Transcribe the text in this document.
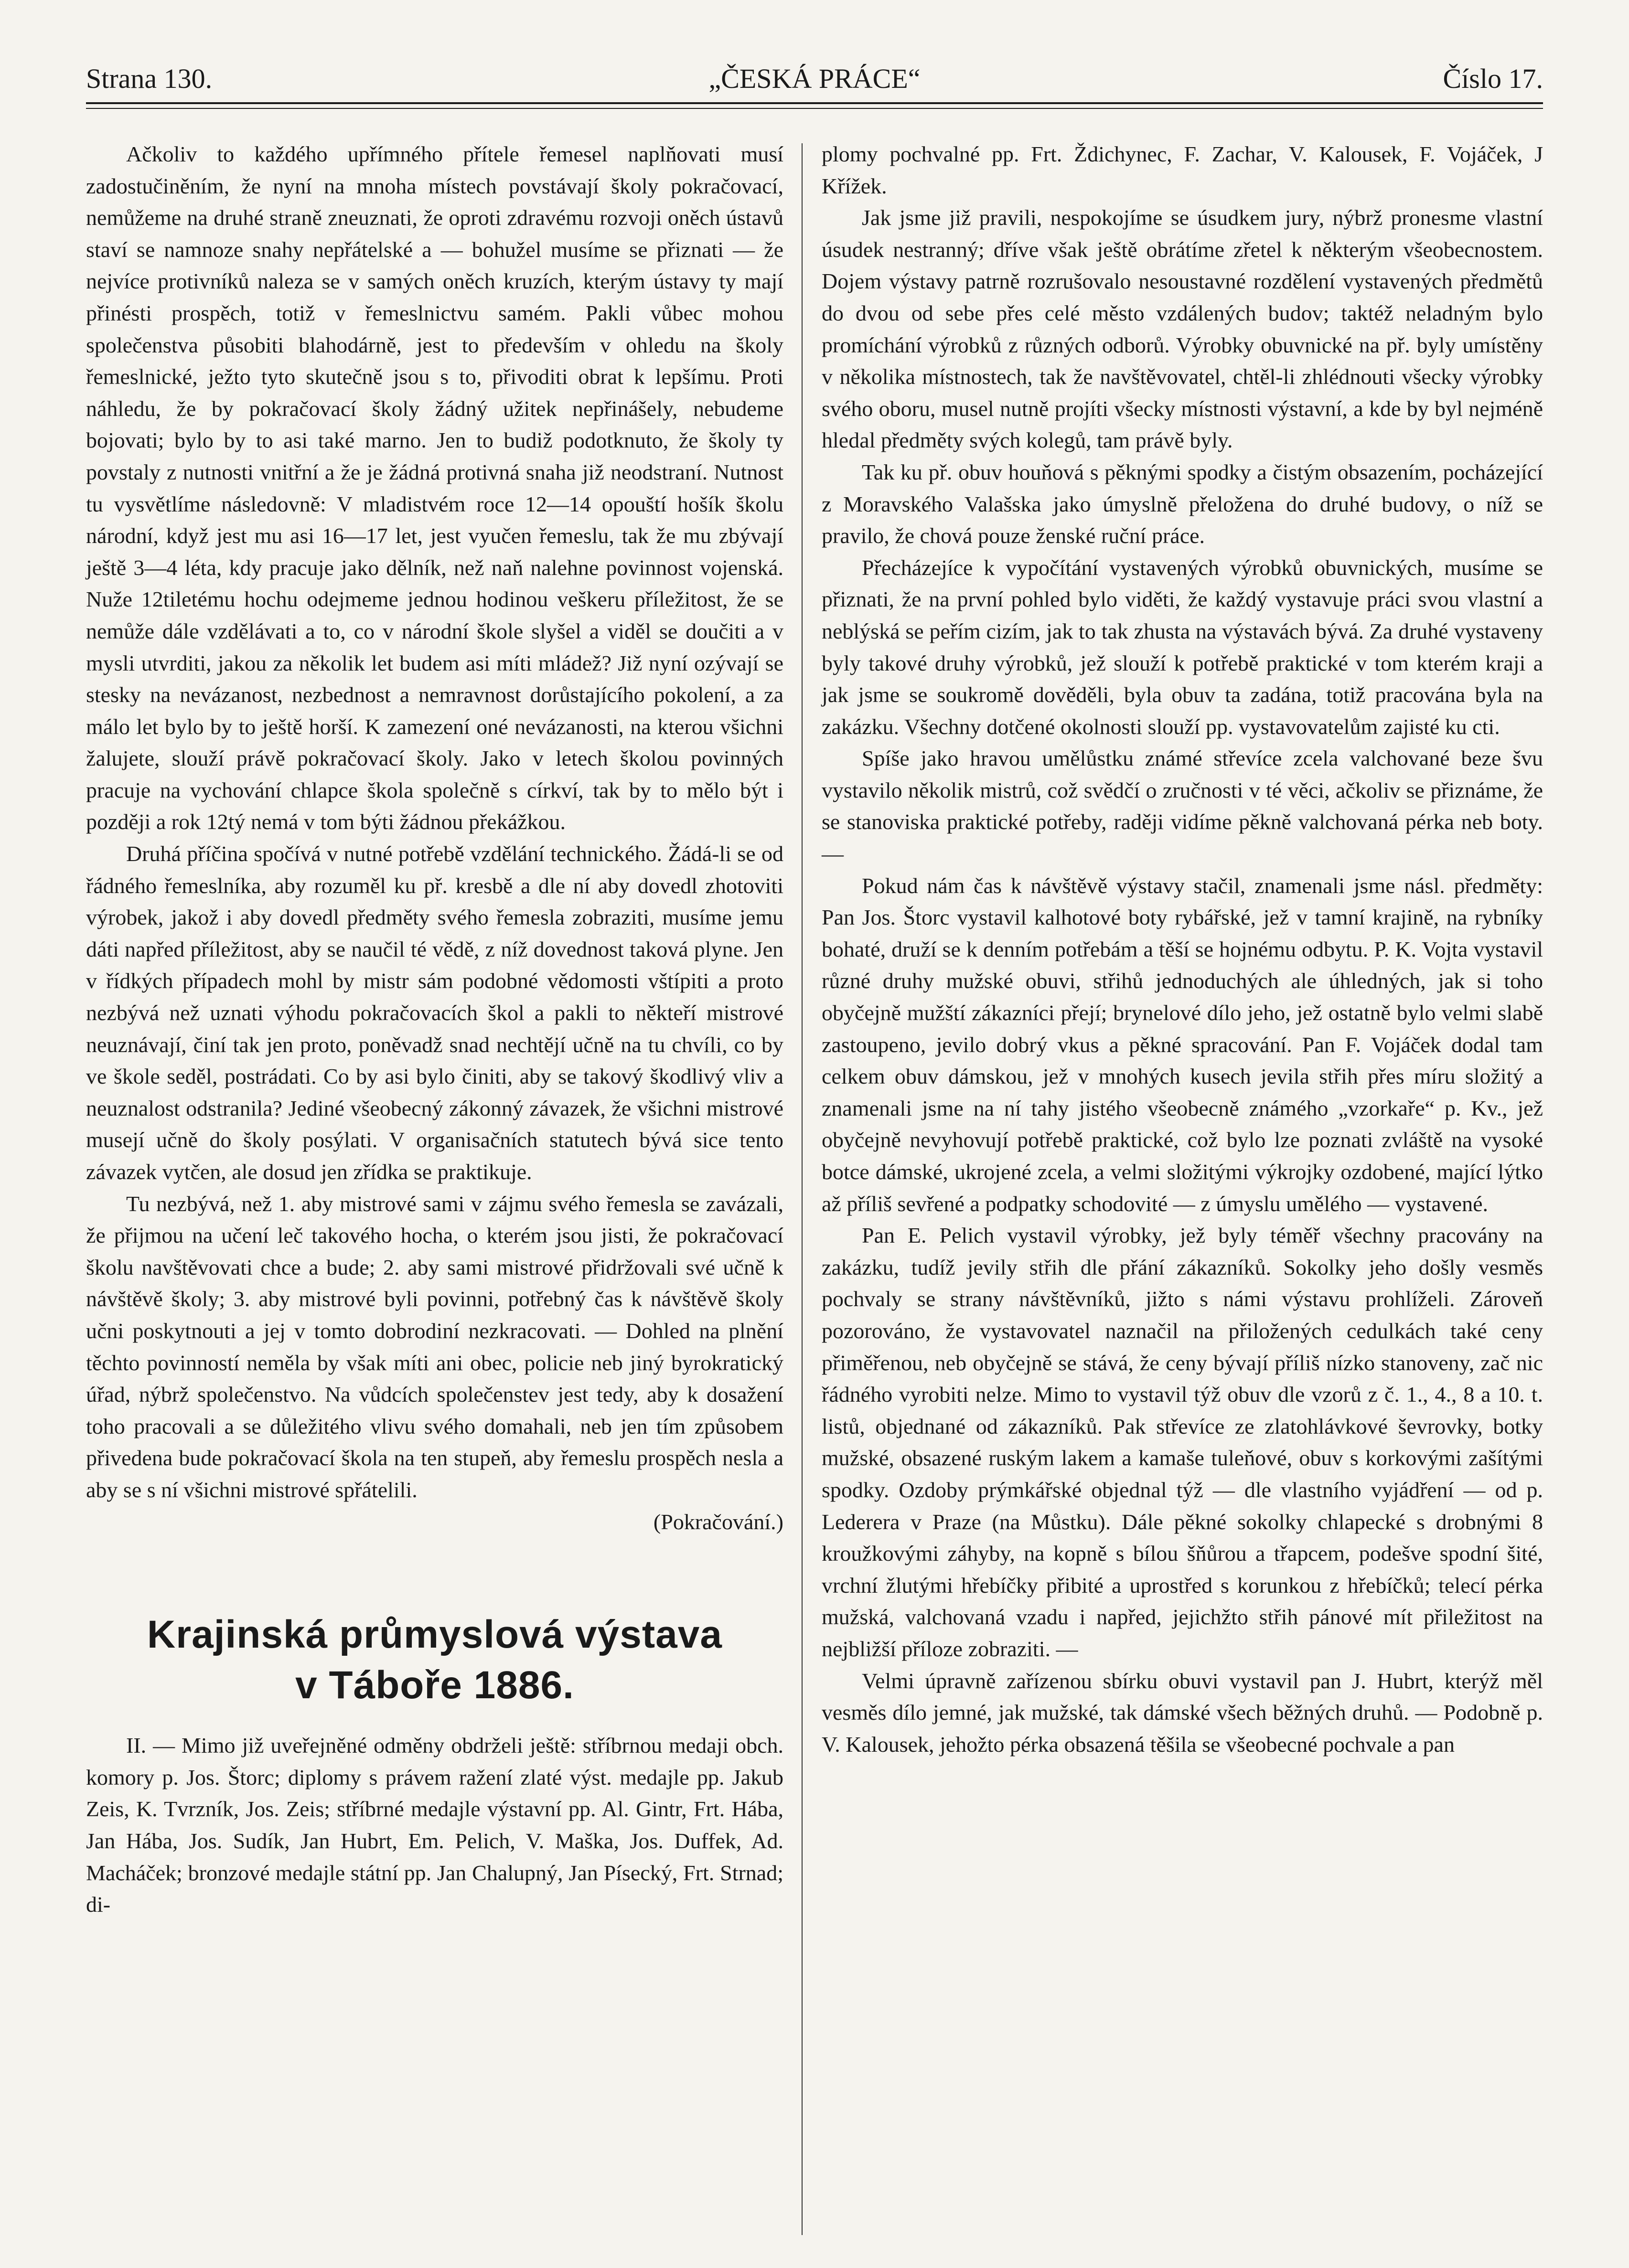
Strana 130.	„ČESKÁ PRÁCE“	Číslo 17.

Ačkoliv to každého upřímného přítele řemesel naplňovati musí zadostučiněním, že nyní na mnoha místech povstávají školy pokračovací, nemůžeme na druhé straně zneuznati, že oproti zdravému rozvoji oněch ústavů staví se namnoze snahy nepřátelské a — bohužel musíme se přiznati — že nejvíce protivníků naleza se v samých oněch kruzích, kterým ústavy ty mají přinésti prospěch, totiž v řemeslnictvu samém. Pakli vůbec mohou společenstva působiti blahodárně, jest to především v ohledu na školy řemeslnické, ježto tyto skutečně jsou s to, přivoditi obrat k lepšímu. Proti náhledu, že by pokračovací školy žádný užitek nepřinášely, nebudeme bojovati; bylo by to asi také marno. Jen to budiž podotknuto, že školy ty povstaly z nutnosti vnitřní a že je žádná protivná snaha již neodstraní. Nutnost tu vysvětlíme následovně: V mladistvém roce 12—14 opouští hošík školu národní, když jest mu asi 16—17 let, jest vyučen řemeslu, tak že mu zbývají ještě 3—4 léta, kdy pracuje jako dělník, než naň nalehne povinnost vojenská. Nuže 12tiletému hochu odejmeme jednou hodinou veškeru příležitost, že se nemůže dále vzdělávati a to, co v národní škole slyšel a viděl se doučiti a v mysli utvrditi, jakou za několik let budem asi míti mládež? Již nyní ozývají se stesky na nevázanost, nezbednost a nemravnost dorůstajícího pokolení, a za málo let bylo by to ještě horší. K zamezení oné nevázanosti, na kterou všichni žalujete, slouží právě pokračovací školy. Jako v letech školou povinných pracuje na vychování chlapce škola společně s církví, tak by to mělo být i později a rok 12tý nemá v tom býti žádnou překážkou.

Druhá příčina spočívá v nutné potřebě vzdělání technického. Žádá-li se od řádného řemeslníka, aby rozuměl ku př. kresbě a dle ní aby dovedl zhotoviti výrobek, jakož i aby dovedl předměty svého řemesla zobraziti, musíme jemu dáti napřed příležitost, aby se naučil té vědě, z níž dovednost taková plyne. Jen v řídkých případech mohl by mistr sám podobné vědomosti vštípiti a proto nezbývá než uznati výhodu pokračovacích škol a pakli to někteří mistrové neuznávají, činí tak jen proto, poněvadž snad nechtějí učně na tu chvíli, co by ve škole seděl, postrádati. Co by asi bylo činiti, aby se takový škodlivý vliv a neuznalost odstranila? Jediné všeobecný zákonný závazek, že všichni mistrové musejí učně do školy posýlati. V organisačních statutech bývá sice tento závazek vytčen, ale dosud jen zřídka se praktikuje.

Tu nezbývá, než 1. aby mistrové sami v zájmu svého řemesla se zavázali, že přijmou na učení leč takového hocha, o kterém jsou jisti, že pokračovací školu navštěvovati chce a bude; 2. aby sami mistrové přidržovali své učně k návštěvě školy; 3. aby mistrové byli povinni, potřebný čas k návštěvě školy učni poskytnouti a jej v tomto dobrodiní nezkracovati. — Dohled na plnění těchto povinností neměla by však míti ani obec, policie neb jiný byrokratický úřad, nýbrž společenstvo. Na vůdcích společenstev jest tedy, aby k dosažení toho pracovali a se důležitého vlivu svého domahali, neb jen tím způsobem přivedena bude pokračovací škola na ten stupeň, aby řemeslu prospěch nesla a aby se s ní všichni mistrové spřátelili.

(Pokračování.)

Krajinská průmyslová výstava
v Táboře 1886.

II. — Mimo již uveřejněné odměny obdrželi ještě: stříbrnou medaji obch. komory p. Jos. Štorc; diplomy s právem ražení zlaté výst. medajle pp. Jakub Zeis, K. Tvrzník, Jos. Zeis; stříbrné medajle výstavní pp. Al. Gintr, Frt. Hába, Jan Hába, Jos. Sudík, Jan Hubrt, Em. Pelich, V. Maška, Jos. Duffek, Ad. Macháček; bronzové medajle státní pp. Jan Chalupný, Jan Písecký, Frt. Strnad; di-

plomy pochvalné pp. Frt. Ždichynec, F. Zachar, V. Kalousek, F. Vojáček, J Křížek.

Jak jsme již pravili, nespokojíme se úsudkem jury, nýbrž pronesme vlastní úsudek nestranný; dříve však ještě obrátíme zřetel k některým všeobecnostem. Dojem výstavy patrně rozrušovalo nesoustavné rozdělení vystavených předmětů do dvou od sebe přes celé město vzdálených budov; taktéž neladným bylo promíchání výrobků z různých odborů. Výrobky obuvnické na př. byly umístěny v několika místnostech, tak že navštěvovatel, chtěl-li zhlédnouti všecky výrobky svého oboru, musel nutně projíti všecky místnosti výstavní, a kde by byl nejméně hledal předměty svých kolegů, tam právě byly.

Tak ku př. obuv houňová s pěknými spodky a čistým obsazením, pocházející z Moravského Valašska jako úmyslně přeložena do druhé budovy, o níž se pravilo, že chová pouze ženské ruční práce.

Přecházejíce k vypočítání vystavených výrobků obuvnických, musíme se přiznati, že na první pohled bylo viděti, že každý vystavuje práci svou vlastní a neblýská se peřím cizím, jak to tak zhusta na výstavách bývá. Za druhé vystaveny byly takové druhy výrobků, jež slouží k potřebě praktické v tom kterém kraji a jak jsme se soukromě dověděli, byla obuv ta zadána, totiž pracována byla na zakázku. Všechny dotčené okolnosti slouží pp. vystavovatelům zajisté ku cti.

Spíše jako hravou umělůstku známé střevíce zcela valchované beze švu vystavilo několik mistrů, což svědčí o zručnosti v té věci, ačkoliv se přiznáme, že se stanoviska praktické potřeby, raději vidíme pěkně valchovaná pérka neb boty. —

Pokud nám čas k návštěvě výstavy stačil, znamenali jsme násl. předměty: Pan Jos. Štorc vystavil kalhotové boty rybářské, jež v tamní krajině, na rybníky bohaté, druží se k denním potřebám a těší se hojnému odbytu. P. K. Vojta vystavil různé druhy mužské obuvi, střihů jednoduchých ale úhledných, jak si toho obyčejně mužští zákazníci přejí; brynelové dílo jeho, jež ostatně bylo velmi slabě zastoupeno, jevilo dobrý vkus a pěkné spracování. Pan F. Vojáček dodal tam celkem obuv dámskou, jež v mnohých kusech jevila střih přes míru složitý a znamenali jsme na ní tahy jistého všeobecně známého „vzorkaře“ p. Kv., jež obyčejně nevyhovují potřebě praktické, což bylo lze poznati zvláště na vysoké botce dámské, ukrojené zcela, a velmi složitými výkrojky ozdobené, mající lýtko až příliš sevřené a podpatky schodovité — z úmyslu umělého — vystavené.

Pan E. Pelich vystavil výrobky, jež byly téměř všechny pracovány na zakázku, tudíž jevily střih dle přání zákazníků. Sokolky jeho došly vesměs pochvaly se strany návštěvníků, jižto s námi výstavu prohlíželi. Zároveň pozorováno, že vystavovatel naznačil na přiložených cedulkách také ceny přiměřenou, neb obyčejně se stává, že ceny bývají příliš nízko stanoveny, zač nic řádného vyrobiti nelze. Mimo to vystavil týž obuv dle vzorů z č. 1., 4., 8 a 10. t. listů, objednané od zákazníků. Pak střevíce ze zlatohlávkové ševrovky, botky mužské, obsazené ruským lakem a kamaše tuleňové, obuv s korkovými zašítými spodky. Ozdoby prýmkářské objednal týž — dle vlastního vyjádření — od p. Lederera v Praze (na Můstku). Dále pěkné sokolky chlapecké s drobnými 8 kroužkovými záhyby, na kopně s bílou šňůrou a třapcem, podešve spodní šité, vrchní žlutými hřebíčky přibité a uprostřed s korunkou z hřebíčků; telecí pérka mužská, valchovaná vzadu i napřed, jejichžto střih pánové mít přiležitost na nejbližší příloze zobraziti. —

Velmi úpravně zařízenou sbírku obuvi vystavil pan J. Hubrt, kterýž měl vesměs dílo jemné, jak mužské, tak dámské všech běžných druhů. — Podobně p. V. Kalousek, jehožto pérka obsazená těšila se všeobecné pochvale a pan
